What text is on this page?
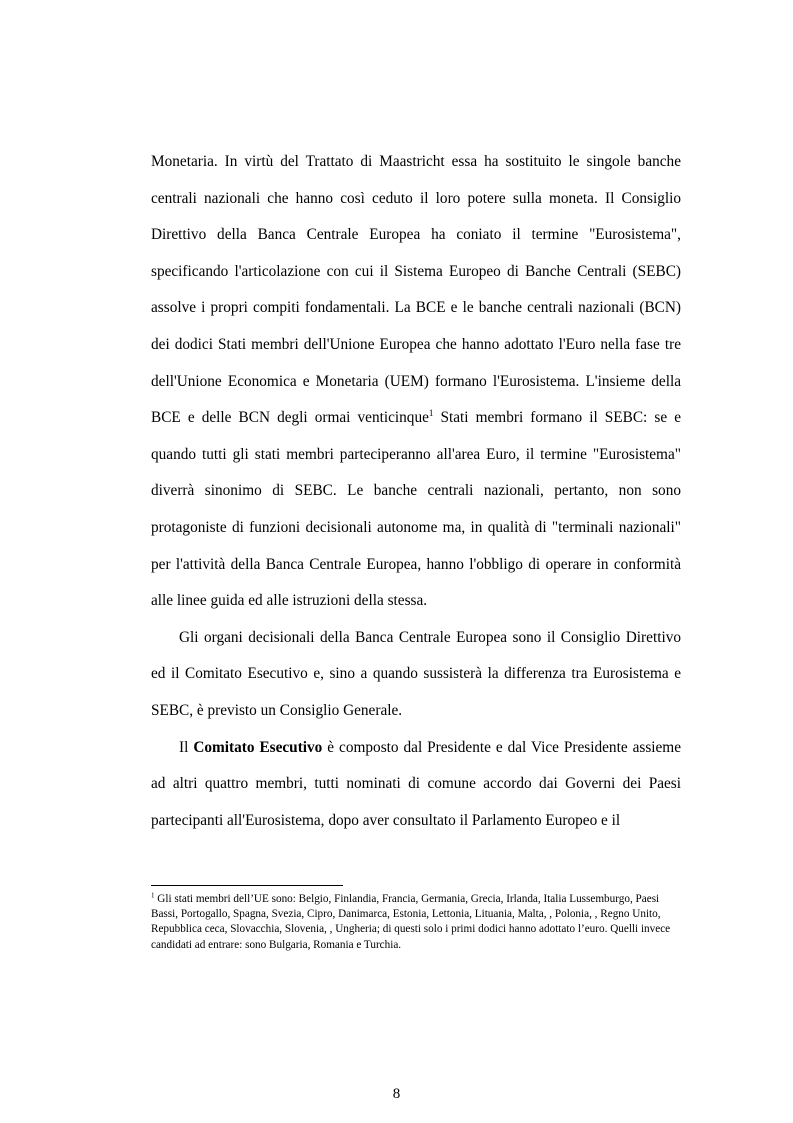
Monetaria. In virtù del Trattato di Maastricht essa ha sostituito le singole banche centrali nazionali che hanno così ceduto il loro potere sulla moneta. Il Consiglio Direttivo della Banca Centrale Europea ha coniato il termine "Eurosistema", specificando l'articolazione con cui il Sistema Europeo di Banche Centrali (SEBC) assolve i propri compiti fondamentali. La BCE e le banche centrali nazionali (BCN) dei dodici Stati membri dell'Unione Europea che hanno adottato l'Euro nella fase tre dell'Unione Economica e Monetaria (UEM) formano l'Eurosistema. L'insieme della BCE e delle BCN degli ormai venticinque$^1$ Stati membri formano il SEBC: se e quando tutti gli stati membri parteciperanno all'area Euro, il termine "Eurosistema" diverrà sinonimo di SEBC. Le banche centrali nazionali, pertanto, non sono protagoniste di funzioni decisionali autonome ma, in qualità di "terminali nazionali" per l'attività della Banca Centrale Europea, hanno l'obbligo di operare in conformità alle linee guida ed alle istruzioni della stessa.

Gli organi decisionali della Banca Centrale Europea sono il Consiglio Direttivo ed il Comitato Esecutivo e, sino a quando sussisterà la differenza tra Eurosistema e SEBC, è previsto un Consiglio Generale.

Il Comitato Esecutivo è composto dal Presidente e dal Vice Presidente assieme ad altri quattro membri, tutti nominati di comune accordo dai Governi dei Paesi partecipanti all'Eurosistema, dopo aver consultato il Parlamento Europeo e il

$^1$ Gli stati membri dell’UE sono: Belgio, Finlandia, Francia, Germania, Grecia, Irlanda, Italia Lussemburgo, Paesi Bassi, Portogallo, Spagna, Svezia, Cipro, Danimarca, Estonia, Lettonia, Lituania, Malta, , Polonia, , Regno Unito, Repubblica ceca, Slovacchia, Slovenia, , Ungheria; di questi solo i primi dodici hanno adottato l’euro. Quelli invece candidati ad entrare: sono Bulgaria, Romania e Turchia.
8
